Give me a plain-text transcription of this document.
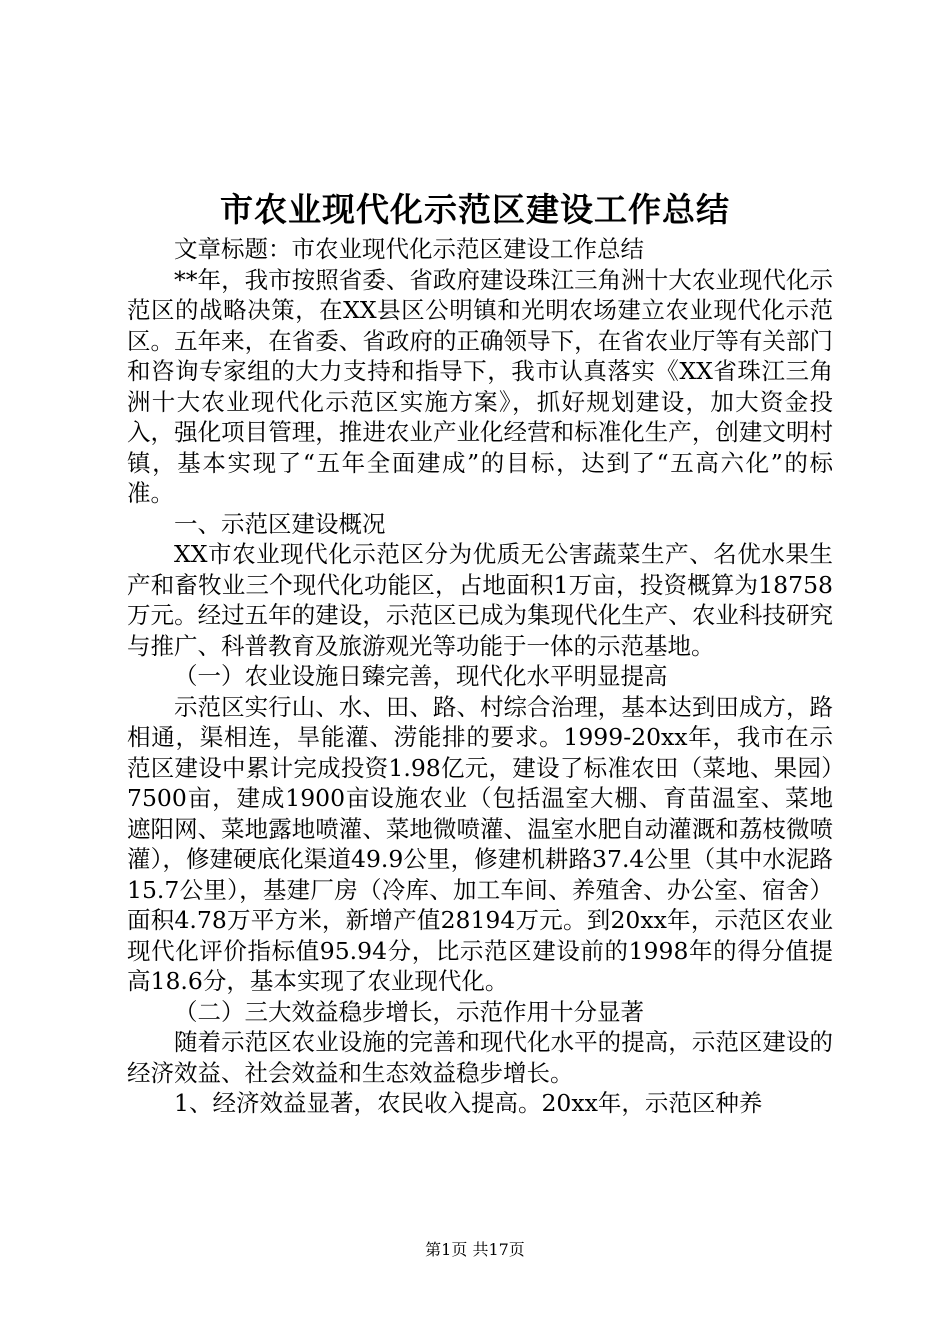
市农业现代化示范区建设工作总结

文章标题：市农业现代化示范区建设工作总结

**年，我市按照省委、省政府建设珠江三角洲十大农业现代化示范区的战略决策，在XX县区公明镇和光明农场建立农业现代化示范区。五年来，在省委、省政府的正确领导下，在省农业厅等有关部门和咨询专家组的大力支持和指导下，我市认真落实《XX省珠江三角洲十大农业现代化示范区实施方案》，抓好规划建设，加大资金投入，强化项目管理，推进农业产业化经营和标准化生产，创建文明村镇，基本实现了“五年全面建成”的目标，达到了“五高六化”的标准。

一、示范区建设概况

XX市农业现代化示范区分为优质无公害蔬菜生产、名优水果生产和畜牧业三个现代化功能区，占地面积1万亩，投资概算为18758万元。经过五年的建设，示范区已成为集现代化生产、农业科技研究与推广、科普教育及旅游观光等功能于一体的示范基地。

（一）农业设施日臻完善，现代化水平明显提高

示范区实行山、水、田、路、村综合治理，基本达到田成方，路相通，渠相连，旱能灌、涝能排的要求。1999-20xx年，我市在示范区建设中累计完成投资1.98亿元，建设了标准农田（菜地、果园）7500亩，建成1900亩设施农业（包括温室大棚、育苗温室、菜地遮阳网、菜地露地喷灌、菜地微喷灌、温室水肥自动灌溉和荔枝微喷灌），修建硬底化渠道49.9公里，修建机耕路37.4公里（其中水泥路15.7公里），基建厂房（冷库、加工车间、养殖舍、办公室、宿舍）面积4.78万平方米，新增产值28194万元。到20xx年，示范区农业现代化评价指标值95.94分，比示范区建设前的1998年的得分值提高18.6分，基本实现了农业现代化。

（二）三大效益稳步增长，示范作用十分显著

随着示范区农业设施的完善和现代化水平的提高，示范区建设的经济效益、社会效益和生态效益稳步增长。

1、经济效益显著，农民收入提高。20xx年，示范区种养

第1页 共17页
